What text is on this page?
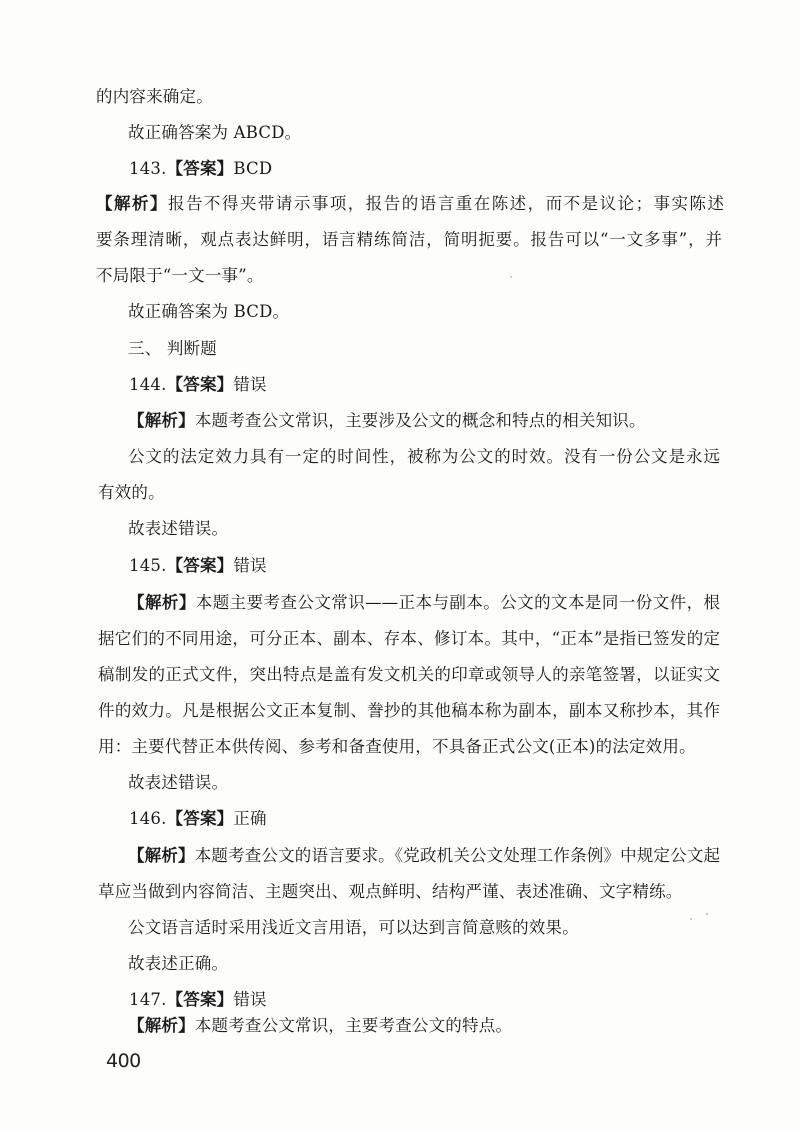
的内容来确定。
故正确答案为 ABCD。
143.【答案】BCD
【解析】报告不得夹带请示事项，报告的语言重在陈述，而不是议论；事实陈述
要条理清晰，观点表达鲜明，语言精练简洁，简明扼要。报告可以“一文多事”，并
不局限于“一文一事”。
故正确答案为 BCD。
三、 判断题
144.【答案】错误
【解析】本题考查公文常识，主要涉及公文的概念和特点的相关知识。
公文的法定效力具有一定的时间性，被称为公文的时效。没有一份公文是永远
有效的。
故表述错误。
145.【答案】错误
【解析】本题主要考查公文常识——正本与副本。公文的文本是同一份文件，根
据它们的不同用途，可分正本、副本、存本、修订本。其中，“正本”是指已签发的定
稿制发的正式文件，突出特点是盖有发文机关的印章或领导人的亲笔签署，以证实文
件的效力。凡是根据公文正本复制、誊抄的其他稿本称为副本，副本又称抄本，其作
用：主要代替正本供传阅、参考和备查使用，不具备正式公文(正本)的法定效用。
故表述错误。
146.【答案】正确
【解析】本题考查公文的语言要求。《党政机关公文处理工作条例》中规定公文起
草应当做到内容简洁、主题突出、观点鲜明、结构严谨、表述准确、文字精练。
公文语言适时采用浅近文言用语，可以达到言简意赅的效果。
故表述正确。
147.【答案】错误
【解析】本题考查公文常识，主要考查公文的特点。
400
